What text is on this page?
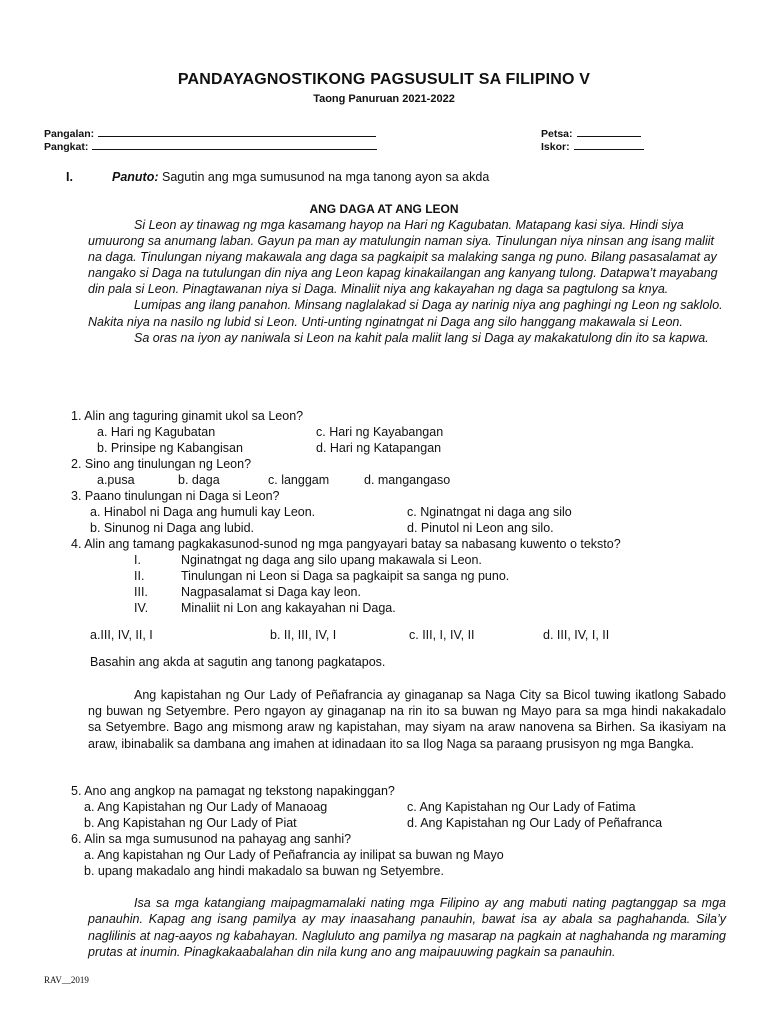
PANDAYAGNOSTIKONG PAGSUSULIT SA FILIPINO V
Taong Panuruan 2021-2022
Pangalan:
Pangkat:
Petsa:
Iskor:
I.	Panuto: Sagutin ang mga sumusunod na mga tanong ayon sa akda
ANG DAGA AT ANG LEON

Si Leon ay tinawag ng mga kasamang hayop na Hari ng Kagubatan. Matapang kasi siya. Hindi siya umuurong sa anumang laban. Gayun pa man ay matulungin naman siya. Tinulungan niya ninsan ang isang maliit na daga. Tinulungan niyang makawala ang daga sa pagkaipit sa malaking sanga ng puno. Bilang pasasalamat ay nangako si Daga na tutulungan din niya ang Leon kapag kinakailangan ang kanyang tulong. Datapwa’t mayabang din pala si Leon. Pinagtawanan niya si Daga. Minaliit niya ang kakayahan ng daga sa pagtulong sa knya.

Lumipas ang ilang panahon. Minsang naglalakad si Daga ay narinig niya ang paghingi ng Leon ng saklolo. Nakita niya na nasilo ng lubid si Leon. Unti-unting nginatngat ni Daga ang silo hanggang makawala si Leon.

Sa oras na iyon ay naniwala si Leon na kahit pala maliit lang si Daga ay makakatulong din ito sa kapwa.

1. Alin ang taguring ginamit ukol sa Leon?
a. Hari ng Kagubatan	c. Hari ng Kayabangan
b. Prinsipe ng Kabangisan	d. Hari ng Katapangan
2. Sino ang tinulungan ng Leon?
a.pusa	b. daga	c. langgam	d. mangangaso
3. Paano tinulungan ni Daga si Leon?
a. Hinabol ni Daga ang humuli kay Leon.	c. Nginatngat ni daga ang silo
b. Sinunog ni Daga ang lubid.	d. Pinutol ni Leon ang silo.
4. Alin ang tamang pagkakasunod-sunod ng mga pangyayari batay sa nabasang kuwento o teksto?
I.	Nginatngat ng daga ang silo upang makawala si Leon.
II.	Tinulungan ni Leon si Daga sa pagkaipit sa sanga ng puno.
III.	Nagpasalamat si Daga kay leon.
IV.	Minaliit ni Lon ang kakayahan ni Daga.
a.III, IV, II, I	b. II, III, IV, I	c. III, I, IV, II	d. III, IV, I, II
Basahin ang akda at sagutin ang tanong pagkatapos.
Ang kapistahan ng Our Lady of Peñafrancia ay ginaganap sa Naga City sa Bicol tuwing ikatlong Sabado ng buwan ng Setyembre. Pero ngayon ay ginaganap na rin ito sa buwan ng Mayo para sa mga hindi nakakadalo sa Setyembre. Bago ang mismong araw ng kapistahan, may siyam na araw nanovena sa Birhen. Sa ikasiyam na araw, ibinabalik sa dambana ang imahen at idinadaan ito sa Ilog Naga sa paraang prusisyon ng mga Bangka.
5. Ano ang angkop na pamagat ng tekstong napakinggan?
a. Ang Kapistahan ng Our Lady of Manaoag	c. Ang Kapistahan ng Our Lady of Fatima
b. Ang Kapistahan ng Our Lady of Piat	d. Ang Kapistahan ng Our Lady of Peñafranca
6. Alin sa mga sumusunod na pahayag ang sanhi?
a. Ang kapistahan ng Our Lady of Peñafrancia ay inilipat sa buwan ng Mayo
b. upang makadalo ang hindi makadalo sa buwan ng Setyembre.
Isa sa mga katangiang maipagmamalaki nating mga Filipino ay ang mabuti nating pagtanggap sa mga panauhin. Kapag ang isang pamilya ay may inaasahang panauhin, bawat isa ay abala sa paghahanda. Sila’y naglilinis at nag-aayos ng kabahayan. Nagluluto ang pamilya ng masarap na pagkain at naghahanda ng maraming prutas at inumin. Pinagkakaabalahan din nila kung ano ang maipauuwing pagkain sa panauhin.
RAV__2019
